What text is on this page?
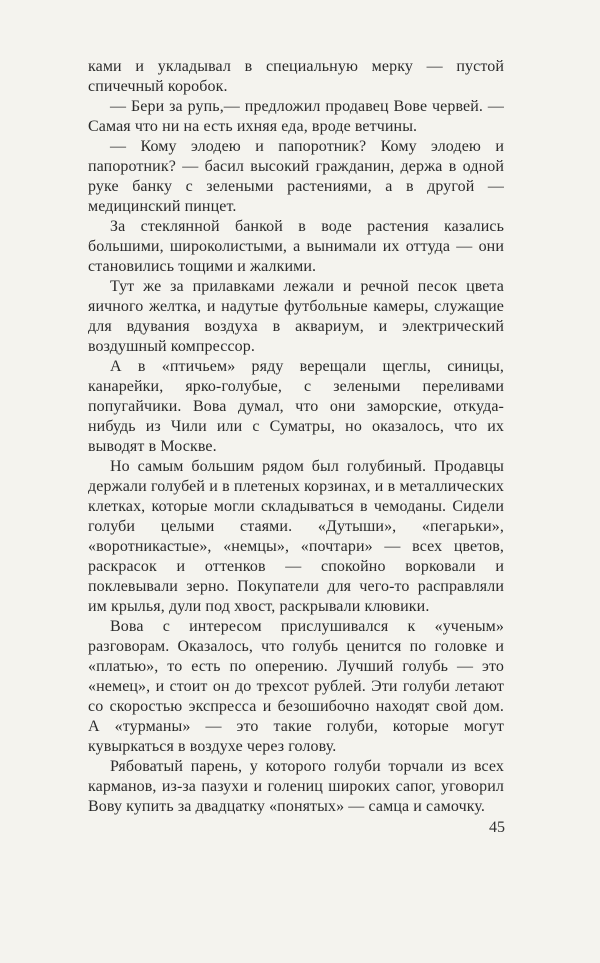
ками и укладывал в специальную мерку — пустой спичечный коробок.

— Бери за рупь,— предложил продавец Вове червей. — Самая что ни на есть ихняя еда, вроде ветчины.

— Кому элодею и папоротник? Кому элодею и папоротник? — басил высокий гражданин, держа в одной руке банку с зелеными растениями, а в другой — медицинский пинцет.

За стеклянной банкой в воде растения казались большими, широколистыми, а вынимали их оттуда — они становились тощими и жалкими.

Тут же за прилавками лежали и речной песок цвета яичного желтка, и надутые футбольные камеры, служащие для вдувания воздуха в аквариум, и электрический воздушный компрессор.

А в «птичьем» ряду верещали щеглы, синицы, канарейки, ярко-голубые, с зелеными переливами попугайчики. Вова думал, что они заморские, откуда-нибудь из Чили или с Суматры, но оказалось, что их выводят в Москве.

Но самым большим рядом был голубиный. Продавцы держали голубей и в плетеных корзинах, и в металлических клетках, которые могли складываться в чемоданы. Сидели голуби целыми стаями. «Дутыши», «пегарьки», «воротникастые», «немцы», «почтари» — всех цветов, раскрасок и оттенков — спокойно ворковали и поклевывали зерно. Покупатели для чего-то расправляли им крылья, дули под хвост, раскрывали клювики.

Вова с интересом прислушивался к «ученым» разговорам. Оказалось, что голубь ценится по головке и «платью», то есть по оперению. Лучший голубь — это «немец», и стоит он до трехсот рублей. Эти голуби летают со скоростью экспресса и безошибочно находят свой дом. А «турманы» — это такие голуби, которые могут кувыркаться в воздухе через голову.

Рябоватый парень, у которого голуби торчали из всех карманов, из-за пазухи и голениц широких сапог, уговорил Вову купить за двадцатку «понятых» — самца и самочку.

45
